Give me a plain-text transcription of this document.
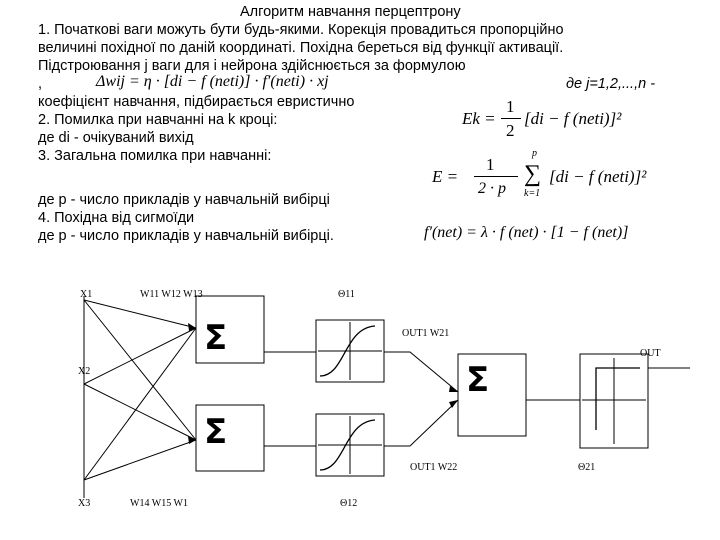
Алгоритм навчання перцептрону
1. Початкові ваги можуть бути будь-якими. Корекція провадиться пропорційно
величині похідної по даній координаті. Похідна береться від функції активації.
Підстроювання j ваги для i нейрона здійснюється за формулою
,	Δwij = η · [di − f (neti)] · f′(neti) · xj	де j=1,2,...,n -
коефіцієнт навчання, підбирається евристично
2. Помилка при навчанні на k кроці:
де di - очікуваний вихід
3. Загальна помилка при навчанні:
де p - число прикладів у навчальній вибірці
4. Похідна від сигмоїди
де p - число прикладів у навчальній вибірці.
Ek =
1
2
[di − f (neti)]²
E =
1
2 · p
p
∑
k=1
[di − f (neti)]²
f′(net) = λ · f (net) · [1 − f (net)]
X1	W11 W12 W13	Θ11
X2
X3	W14 W15 W1	Θ12
OUT1 W21
OUT1 W22
OUT
Θ21
Σ
Σ
Σ
